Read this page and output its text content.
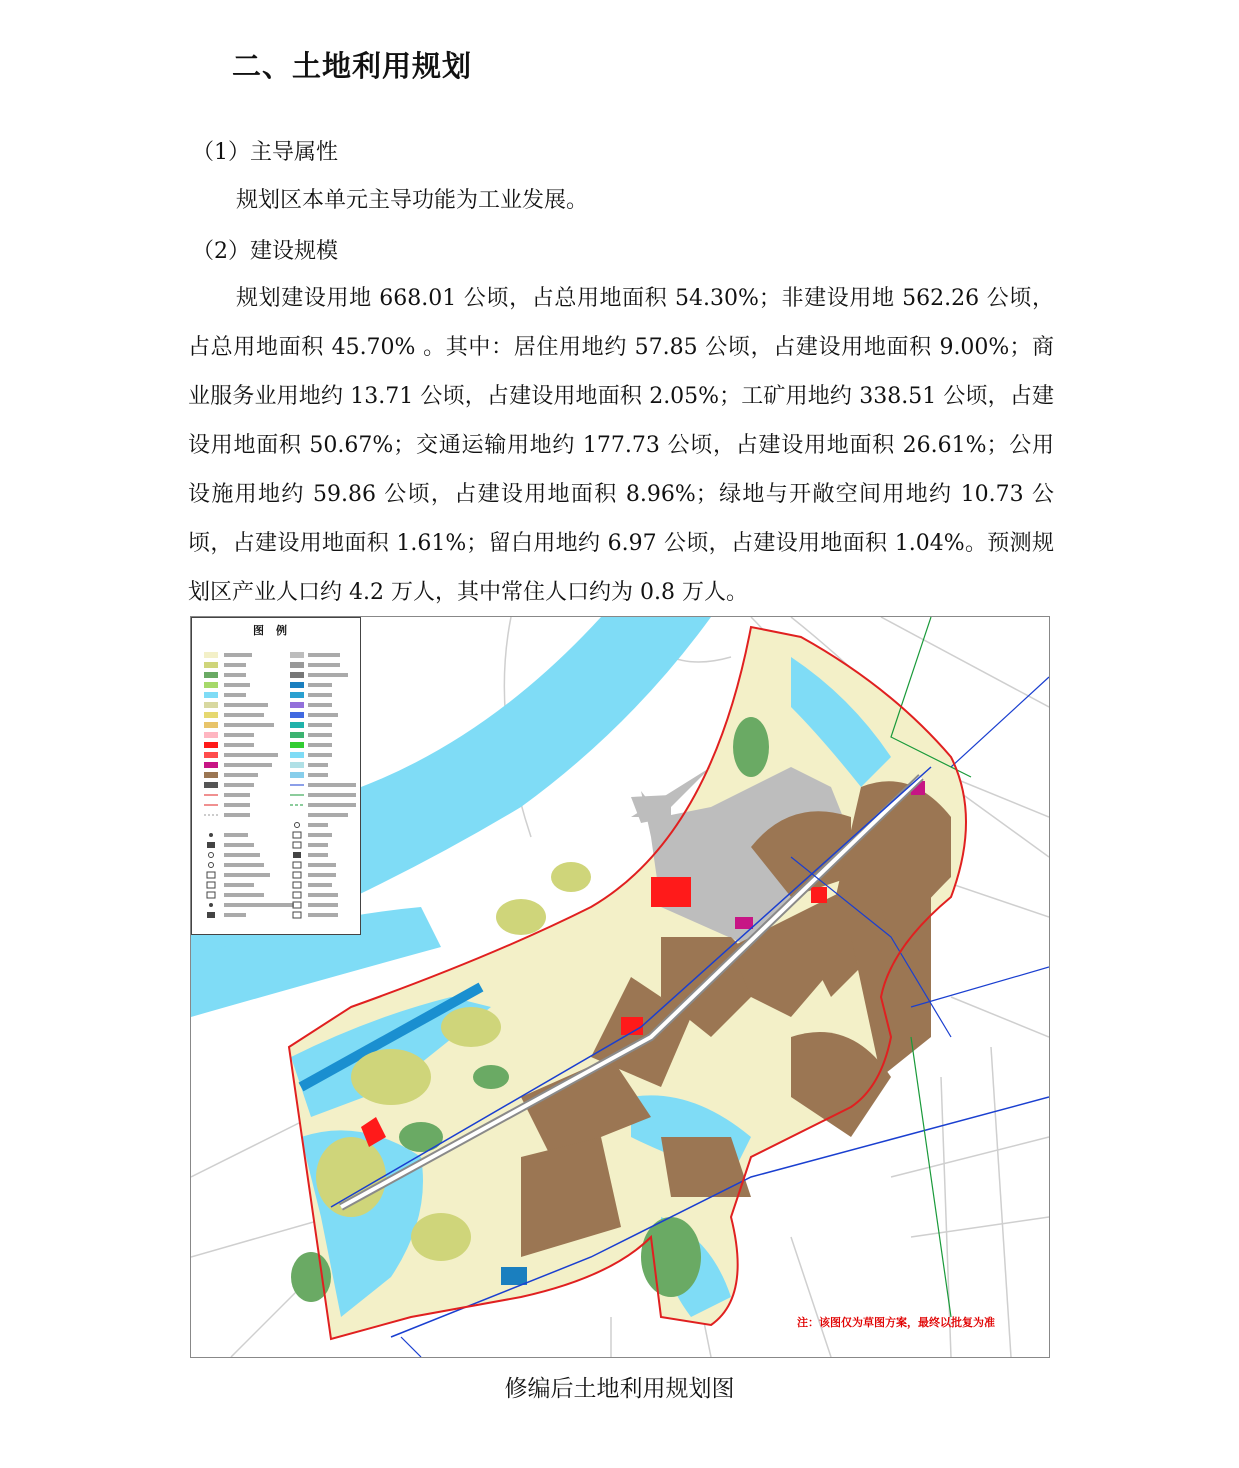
二、土地利用规划

（1）主导属性

规划区本单元主导功能为工业发展。

（2）建设规模

规划建设用地 668.01 公顷，占总用地面积 54.30%；非建设用地 562.26 公顷，占总用地面积 45.70% 。其中：居住用地约 57.85 公顷，占建设用地面积 9.00%；商业服务业用地约 13.71 公顷，占建设用地面积 2.05%；工矿用地约 338.51 公顷，占建设用地面积 50.67%；交通运输用地约 177.73 公顷，占建设用地面积 26.61%；公用设施用地约 59.86 公顷，占建设用地面积 8.96%；绿地与开敞空间用地约 10.73 公顷，占建设用地面积 1.61%；留白用地约 6.97 公顷，占建设用地面积 1.04%。预测规划区产业人口约 4.2 万人，其中常住人口约为 0.8 万人。

图例
注：该图仅为草图方案，最终以批复为准

修编后土地利用规划图
